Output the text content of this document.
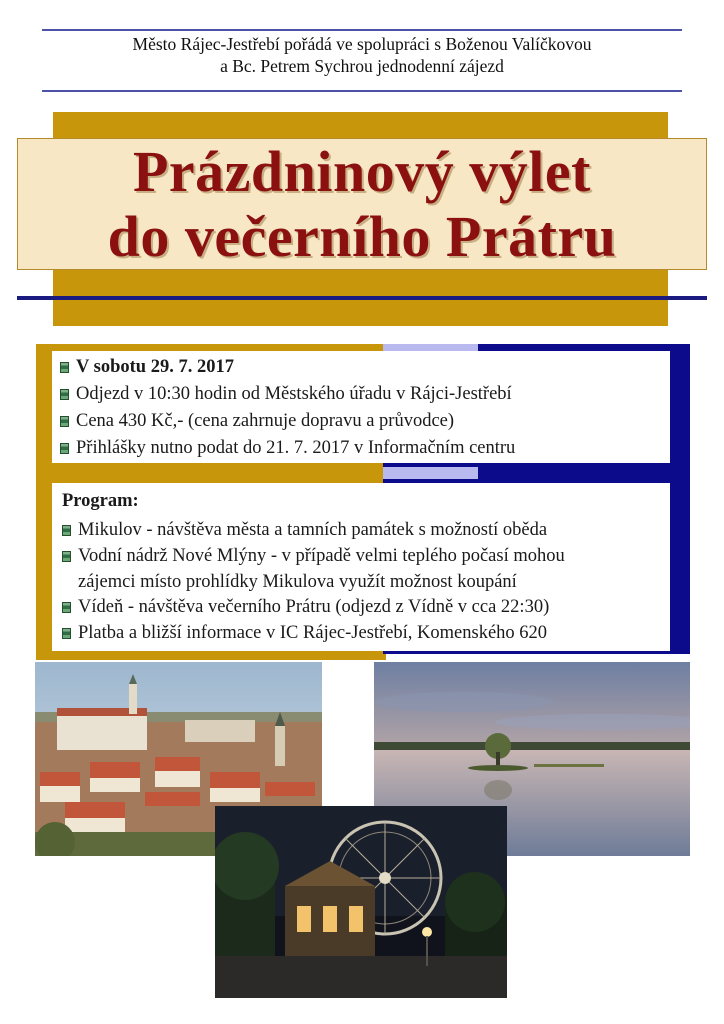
Město Rájec-Jestřebí pořádá ve spolupráci s Boženou Valíčkovou
a Bc. Petrem Sychrou jednodenní zájezd
Prázdninový výlet
do večerního Prátru
V sobotu 29. 7. 2017
Odjezd v 10:30 hodin od Městského úřadu v Rájci-Jestřebí
Cena 430 Kč,- (cena zahrnuje dopravu a průvodce)
Přihlášky nutno podat do 21. 7. 2017 v Informačním centru
Program:
Mikulov - návštěva města a tamních památek s možností oběda
Vodní nádrž Nové Mlýny - v případě velmi teplého počasí mohou
zájemci místo prohlídky Mikulova využít možnost koupání
Vídeň - návštěva večerního Prátru (odjezd z Vídně v cca 22:30)
Platba a bližší informace v IC Rájec-Jestřebí, Komenského 620
